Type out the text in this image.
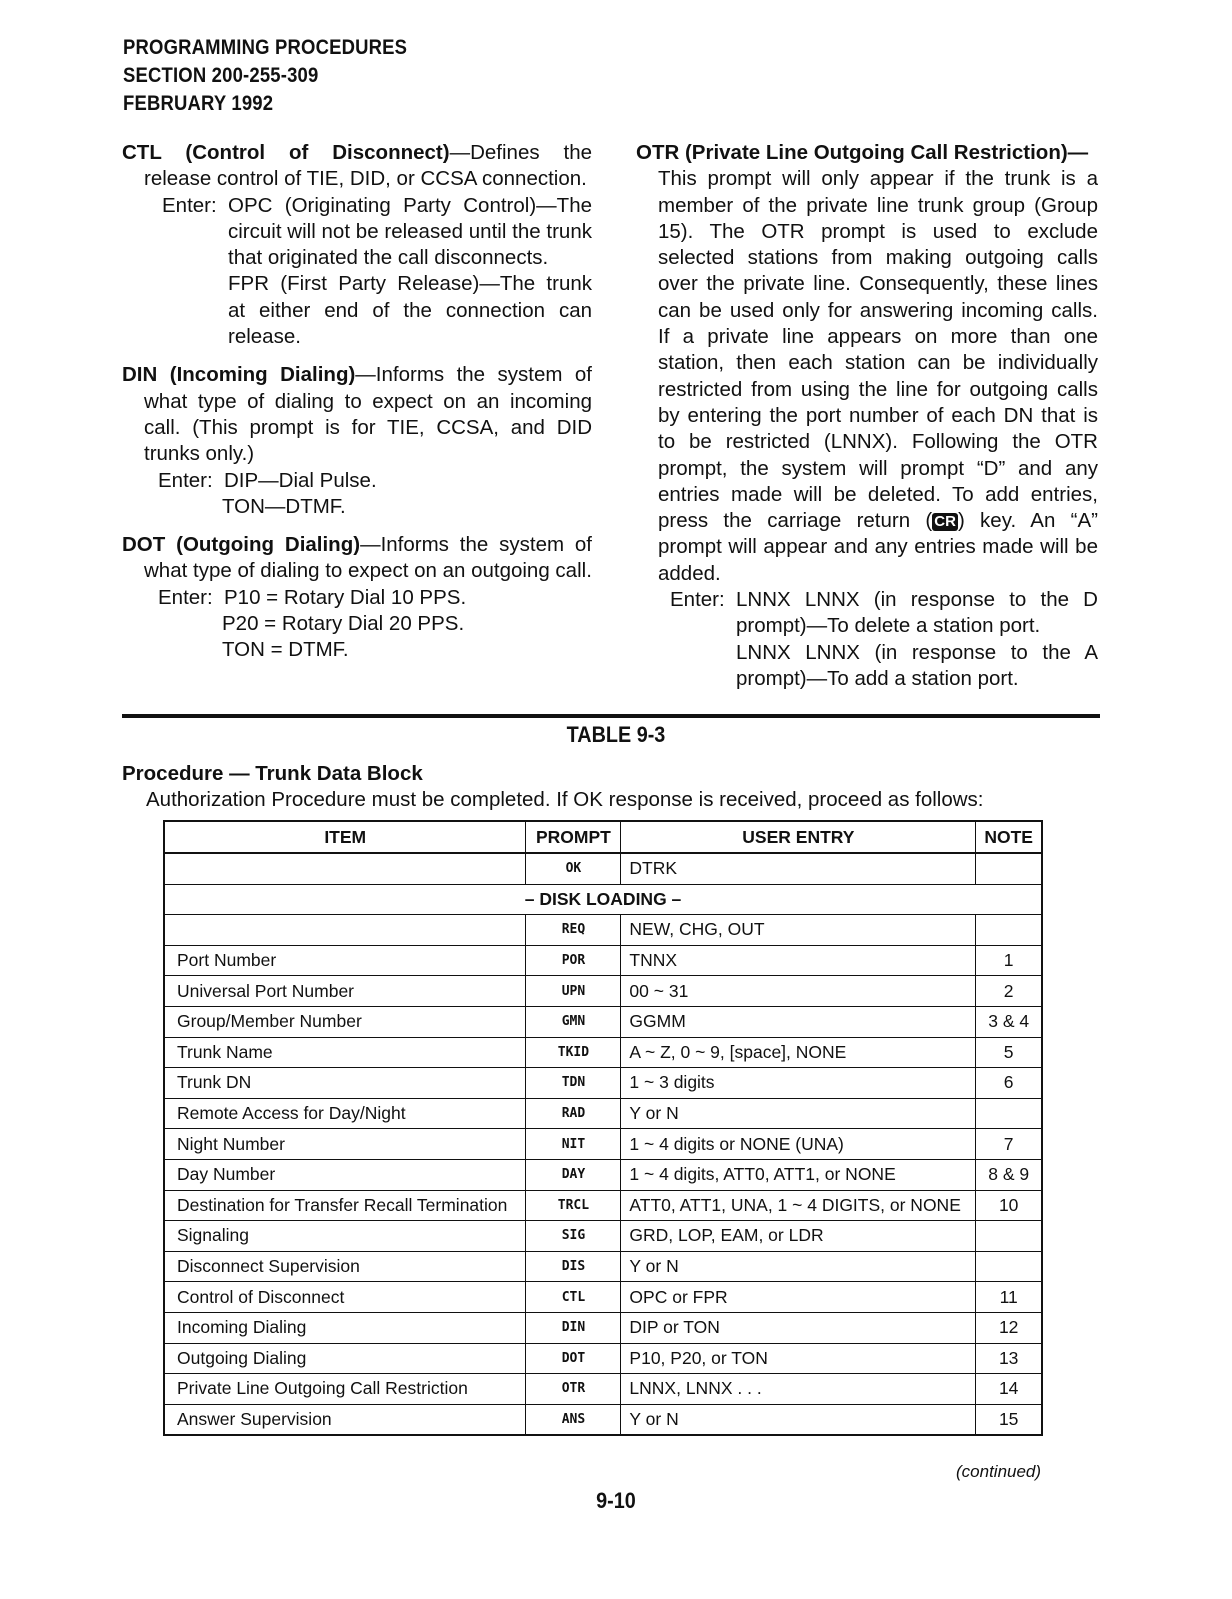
PROGRAMMING PROCEDURES
SECTION 200-255-309
FEBRUARY 1992

CTL (Control of Disconnect)—Defines the release control of TIE, DID, or CCSA connection.

Enter: OPC (Originating Party Control)—The circuit will not be released until the trunk that originated the call disconnects.

FPR (First Party Release)—The trunk at either end of the connection can release.

DIN (Incoming Dialing)—Informs the system of what type of dialing to expect on an incoming call. (This prompt is for TIE, CCSA, and DID trunks only.)

Enter: DIP—Dial Pulse.

TON—DTMF.

DOT (Outgoing Dialing)—Informs the system of what type of dialing to expect on an outgoing call.

Enter: P10 = Rotary Dial 10 PPS.

P20 = Rotary Dial 20 PPS.

TON = DTMF.

OTR (Private Line Outgoing Call Restriction)—

This prompt will only appear if the trunk is a member of the private line trunk group (Group 15). The OTR prompt is used to exclude selected stations from making outgoing calls over the private line. Consequently, these lines can be used only for answering incoming calls. If a private line appears on more than one station, then each station can be individually restricted from using the line for outgoing calls by entering the port number of each DN that is to be restricted (LNNX). Following the OTR prompt, the system will prompt “D” and any entries made will be deleted. To add entries, press the carriage return ( CR) key. An “A” prompt will appear and any entries made will be added.

Enter: LNNX LNNX (in response to the D prompt)—To delete a station port.

LNNX LNNX (in response to the A prompt)—To add a station port.

TABLE 9-3
Procedure — Trunk Data Block
Authorization Procedure must be completed. If OK response is received, proceed as follows:
ITEM	PROMPT	USER ENTRY	NOTE
	OK	DTRK	
– DISK LOADING –			
	REQ	NEW, CHG, OUT	
Port Number	POR	TNNX	1
Universal Port Number	UPN	00 ~ 31	2
Group/Member Number	GMN	GGMM	3 & 4
Trunk Name	TKID	A ~ Z, 0 ~ 9, [space], NONE	5
Trunk DN	TDN	1 ~ 3 digits	6
Remote Access for Day/Night	RAD	Y or N	
Night Number	NIT	1 ~ 4 digits or NONE (UNA)	7
Day Number	DAY	1 ~ 4 digits, ATT0, ATT1, or NONE	8 & 9
Destination for Transfer Recall Termination	TRCL	ATT0, ATT1, UNA, 1 ~ 4 DIGITS, or NONE	10
Signaling	SIG	GRD, LOP, EAM, or LDR	
Disconnect Supervision	DIS	Y or N	
Control of Disconnect	CTL	OPC or FPR	11
Incoming Dialing	DIN	DIP or TON	12
Outgoing Dialing	DOT	P10, P20, or TON	13
Private Line Outgoing Call Restriction	OTR	LNNX, LNNX . . .	14
Answer Supervision	ANS	Y or N	15
(continued)
9-10
